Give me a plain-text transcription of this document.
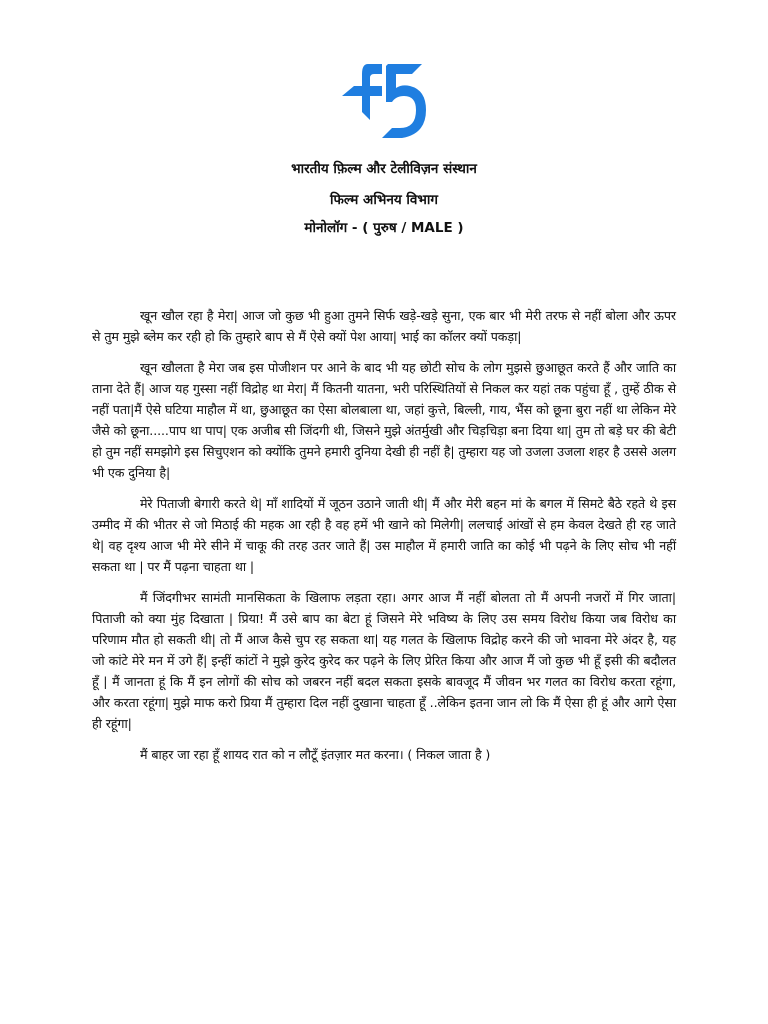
भारतीय फ़िल्म और टेलीविज़न संस्थान
फिल्म अभिनय विभाग
मोनोलॉग - ( पुरुष / MALE )

खून खौल रहा है मेरा| आज जो कुछ भी हुआ तुमने सिर्फ खड़े-खड़े सुना, एक बार भी मेरी तरफ से नहीं बोला और ऊपर से तुम मुझे ब्लेम कर रही हो कि तुम्हारे बाप से मैं ऐसे क्यों पेश आया| भाई का कॉलर क्यों पकड़ा|

खून खौलता है मेरा जब इस पोजीशन पर आने के बाद भी यह छोटी सोच के लोग मुझसे छुआछूत करते हैं और जाति का ताना देते हैं| आज यह गुस्सा नहीं विद्रोह था मेरा| मैं कितनी यातना, भरी परिस्थितियों से निकल कर यहां तक पहुंचा हूँ , तुम्हें ठीक से नहीं पता|मैं ऐसे घटिया माहौल में था, छुआछूत का ऐसा बोलबाला था, जहां कुत्ते, बिल्ली, गाय, भैंस को छूना बुरा नहीं था लेकिन मेरे जैसे को छूना.....पाप था पाप| एक अजीब सी जिंदगी थी, जिसने मुझे अंतर्मुखी और चिड़चिड़ा बना दिया था| तुम तो बड़े घर की बेटी हो तुम नहीं समझोगे इस सिचुएशन को क्योंकि तुमने हमारी दुनिया देखी ही नहीं है| तुम्हारा यह जो उजला उजला शहर है उससे अलग भी एक दुनिया है|

मेरे पिताजी बेगारी करते थे| माँ शादियों में जूठन उठाने जाती थी| मैं और मेरी बहन मां के बगल में सिमटे बैठे रहते थे इस उम्मीद में की भीतर से जो मिठाई की महक आ रही है वह हमें भी खाने को मिलेगी| ललचाई आंखों से हम केवल देखते ही रह जाते थे| वह दृश्य आज भी मेरे सीने में चाकू की तरह उतर जाते हैं| उस माहौल में हमारी जाति का कोई भी पढ़ने के लिए सोच भी नहीं सकता था | पर मैं पढ़ना चाहता था |

मैं जिंदगीभर सामंती मानसिकता के खिलाफ लड़ता रहा। अगर आज मैं नहीं बोलता तो मैं अपनी नजरों में गिर जाता| पिताजी को क्या मुंह दिखाता | प्रिया! मैं उसे बाप का बेटा हूं जिसने मेरे भविष्य के लिए उस समय विरोध किया जब विरोध का परिणाम मौत हो सकती थी| तो मैं आज कैसे चुप रह सकता था| यह गलत के खिलाफ विद्रोह करने की जो भावना मेरे अंदर है, यह जो कांटे मेरे मन में उगे हैं| इन्हीं कांटों ने मुझे कुरेद कुरेद कर पढ़ने के लिए प्रेरित किया और आज मैं जो कुछ भी हूँ इसी की बदौलत हूँ | मैं जानता हूं कि मैं इन लोगों की सोच को जबरन नहीं बदल सकता इसके बावजूद मैं जीवन भर गलत का विरोध करता रहूंगा, और करता रहूंगा| मुझे माफ करो प्रिया मैं तुम्हारा दिल नहीं दुखाना चाहता हूँ ..लेकिन इतना जान लो कि मैं ऐसा ही हूं और आगे ऐसा ही रहूंगा|

मैं बाहर जा रहा हूँ शायद रात को न लौटूँ इंतज़ार मत करना। ( निकल जाता है )
